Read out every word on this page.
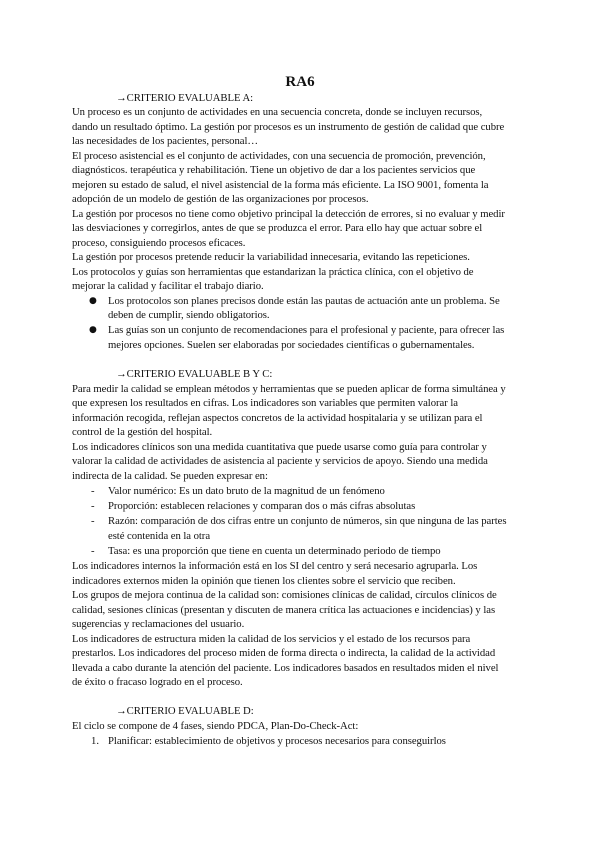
RA6
→CRITERIO EVALUABLE A:
Un proceso es un conjunto de actividades en una secuencia concreta, donde se incluyen recursos,
dando un resultado óptimo. La gestión por procesos es un instrumento de gestión de calidad que cubre
las necesidades de los pacientes, personal…
El proceso asistencial es el conjunto de actividades, con una secuencia de promoción, prevención,
diagnósticos. terapéutica y rehabilitación. Tiene un objetivo de dar a los pacientes servicios que
mejoren su estado de salud, el nivel asistencial de la forma más eficiente. La ISO 9001, fomenta la
adopción de un modelo de gestión de las organizaciones por procesos.
La gestión por procesos no tiene como objetivo principal la detección de errores, si no evaluar y medir
las desviaciones y corregirlos, antes de que se produzca el error. Para ello hay que actuar sobre el
proceso, consiguiendo procesos eficaces.
La gestión por procesos pretende reducir la variabilidad innecesaria, evitando las repeticiones.
Los protocolos y guías son herramientas que estandarizan la práctica clínica, con el objetivo de
mejorar la calidad y facilitar el trabajo diario.
● Los protocolos son planes precisos donde están las pautas de actuación ante un problema. Se
deben de cumplir, siendo obligatorios.
● Las guías son un conjunto de recomendaciones para el profesional y paciente, para ofrecer las
mejores opciones. Suelen ser elaboradas por sociedades científicas o gubernamentales.
→CRITERIO EVALUABLE B Y C:
Para medir la calidad se emplean métodos y herramientas que se pueden aplicar de forma simultánea y
que expresen los resultados en cifras. Los indicadores son variables que permiten valorar la
información recogida, reflejan aspectos concretos de la actividad hospitalaria y se utilizan para el
control de la gestión del hospital.
Los indicadores clínicos son una medida cuantitativa que puede usarse como guía para controlar y
valorar la calidad de actividades de asistencia al paciente y servicios de apoyo. Siendo una medida
indirecta de la calidad. Se pueden expresar en:
-	Valor numérico: Es un dato bruto de la magnitud de un fenómeno
-	Proporción: establecen relaciones y comparan dos o más cifras absolutas
-	Razón: comparación de dos cifras entre un conjunto de números, sin que ninguna de las partes
esté contenida en la otra
-	Tasa: es una proporción que tiene en cuenta un determinado periodo de tiempo
Los indicadores internos la información está en los SI del centro y será necesario agruparla. Los
indicadores externos miden la opinión que tienen los clientes sobre el servicio que reciben.
Los grupos de mejora continua de la calidad son: comisiones clínicas de calidad, círculos clínicos de
calidad, sesiones clínicas (presentan y discuten de manera crítica las actuaciones e incidencias) y las
sugerencias y reclamaciones del usuario.
Los indicadores de estructura miden la calidad de los servicios y el estado de los recursos para
prestarlos. Los indicadores del proceso miden de forma directa o indirecta, la calidad de la actividad
llevada a cabo durante la atención del paciente. Los indicadores basados en resultados miden el nivel
de éxito o fracaso logrado en el proceso.
→CRITERIO EVALUABLE D:
El ciclo se compone de 4 fases, siendo PDCA, Plan-Do-Check-Act:
1. Planificar: establecimiento de objetivos y procesos necesarios para conseguirlos
